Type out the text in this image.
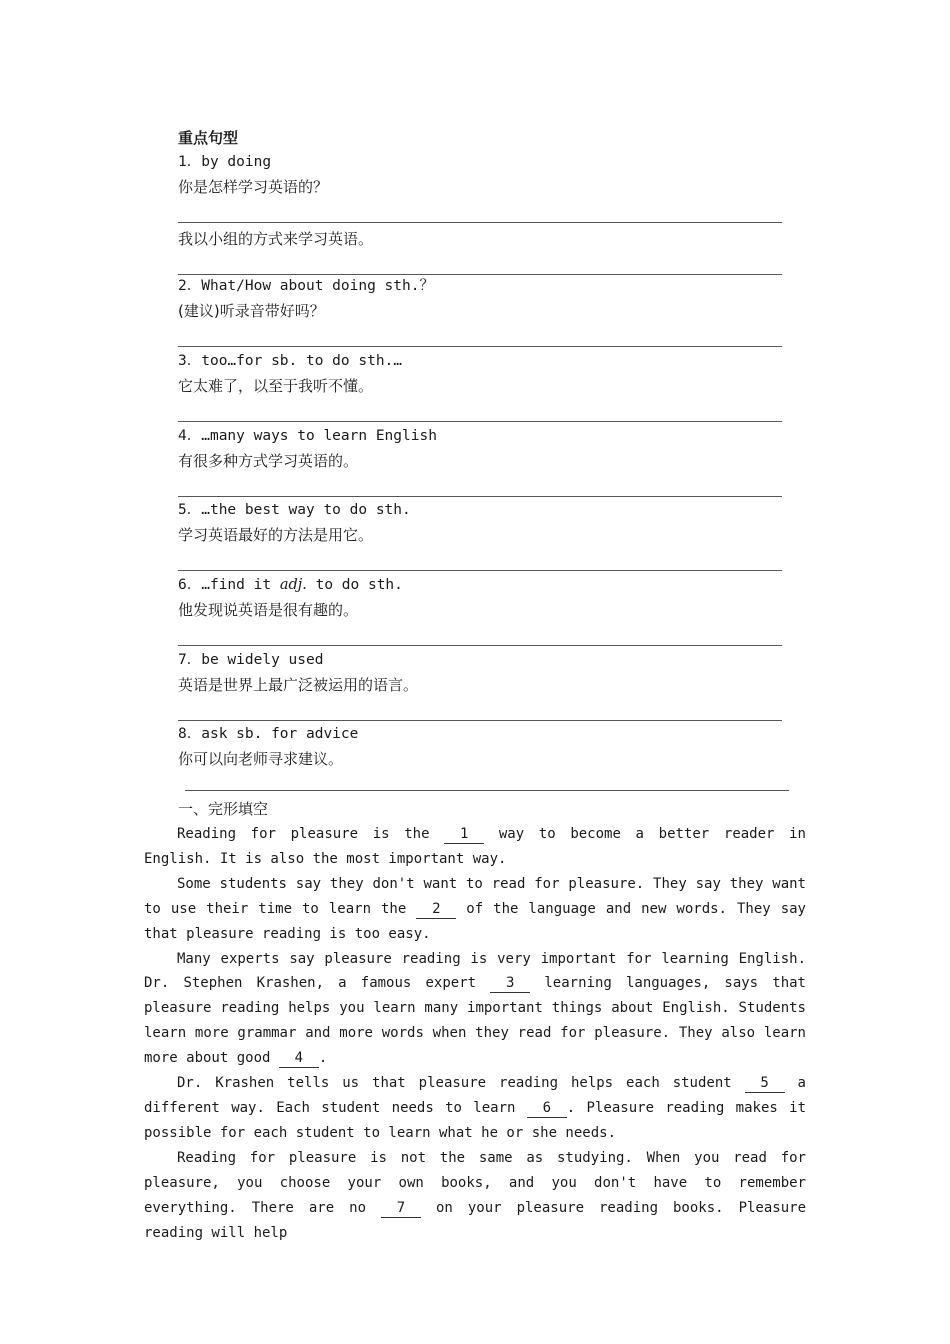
重点句型
1．by doing
你是怎样学习英语的？
我以小组的方式来学习英语。
2．What/How about doing sth.？
(建议)听录音带好吗？
3．too…for sb. to do sth.…
它太难了，以至于我听不懂。
4．…many ways to learn English
有很多种方式学习英语的。
5．…the best way to do sth.
学习英语最好的方法是用它。
6．…find it adj. to do sth.
他发现说英语是很有趣的。
7．be widely used
英语是世界上最广泛被运用的语言。
8．ask sb. for advice
你可以向老师寻求建议。
一、完形填空

Reading for pleasure is the 1 way to become a better reader in English. It is also the most important way.

Some students say they don't want to read for pleasure. They say they want to use their time to learn the 2 of the language and new words. They say that pleasure reading is too easy.

Many experts say pleasure reading is very important for learning English. Dr. Stephen Krashen, a famous expert 3 learning languages, says that pleasure reading helps you learn many important things about English. Students learn more grammar and more words when they read for pleasure. They also learn more about good 4 .

Dr. Krashen tells us that pleasure reading helps each student 5 a different way. Each student needs to learn 6 . Pleasure reading makes it possible for each student to learn what he or she needs.

Reading for pleasure is not the same as studying. When you read for pleasure, you choose your own books, and you don't have to remember everything. There are no 7 on your pleasure reading books. Pleasure reading will help
